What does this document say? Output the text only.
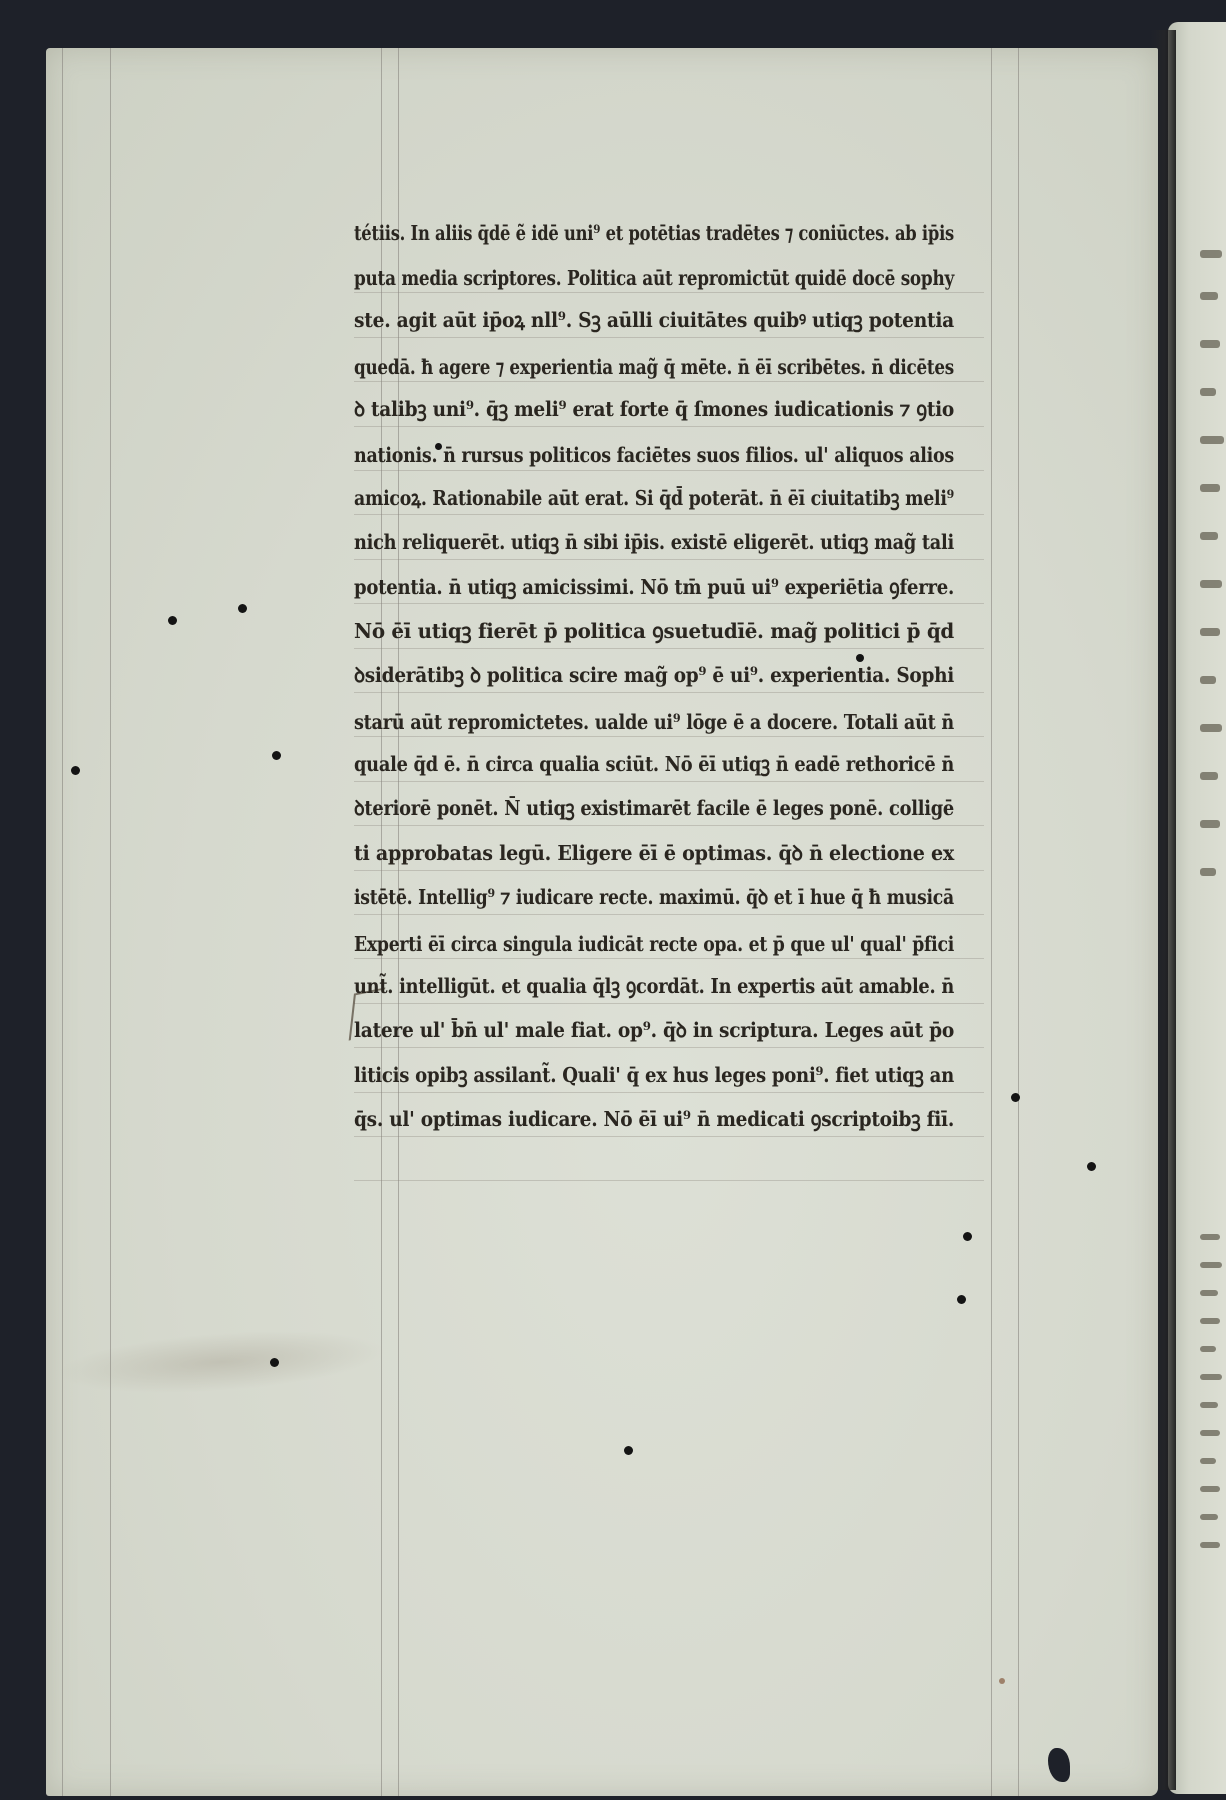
tétiis. In aliis q̄dē ẽ idē uni⁹ et potētias tradētes ⁊ coniūctes. ab ip̄is
puta media scriptores. Politica aūt repromictūt quidē docē sophy
ste. agit aūt ip̄oꝝ nll⁹. Sꝫ aūlli ciuitātes quibꝰ utiqꝫ potentia
quedā. ħ agere ⁊ experientia mag̃ q̄ mēte. n̄ ēī scribētes. n̄ dicētes
ꝺ talibꝫ uni⁹. q̄ꝫ meli⁹ erat forte q̄ ſmones iudicationis ⁊ ꝯtio
nationis. n̄ rursus politicos faciētes suos filios. ul' aliquos alios
amicoꝝ. Rationabile aūt erat. Si q̄d̄ poterāt. n̄ ēī ciuitatibꝫ meli⁹
nich reliquerēt. utiqꝫ n̄ sibi ip̄is. existē eligerēt. utiqꝫ mag̃ tali
potentia. n̄ utiqꝫ amicissimi. Nō tm̄ puū ui⁹ experiētia ꝯferre.
Nō ēī utiqꝫ fierēt p̄ politica ꝯsuetudīē. mag̃ politici p̄ q̄d
ꝺsiderātibꝫ ꝺ politica scire mag̃ op⁹ ē ui⁹. experientia. Sophi
starū aūt repromictetes. ualde ui⁹ lōge ē a docere. Totali aūt n̄
quale q̄d ē. n̄ circa qualia sciūt. Nō ēī utiqꝫ n̄ eadē rethoricē n̄
ꝺteriorē ponēt. N̄ utiqꝫ existimarēt facile ē leges ponē. colligē
ti approbatas legū. Eligere ēī ē optimas. q̄ꝺ n̄ electione ex
istētē. Intellig⁹ ⁊ iudicare recte. maximū. q̄ꝺ et ī hue q̄ ħ musicā
Experti ēī circa singula iudicāt recte opa. et p̄ que ul' qual' p̄fici
unt̃. intelligūt. et qualia q̄lꝫ ꝯcordāt. In expertis aūt amable. n̄
latere ul' b̄n̄ ul' male fiat. op⁹. q̄ꝺ in scriptura. Leges aūt p̄o
liticis opibꝫ assilant̃. Quali' q̄ ex hus leges poni⁹. fiet utiqꝫ an
q̄s. ul' optimas iudicare. Nō ēī ui⁹ n̄ medicati ꝯscriptoibꝫ fiī.
